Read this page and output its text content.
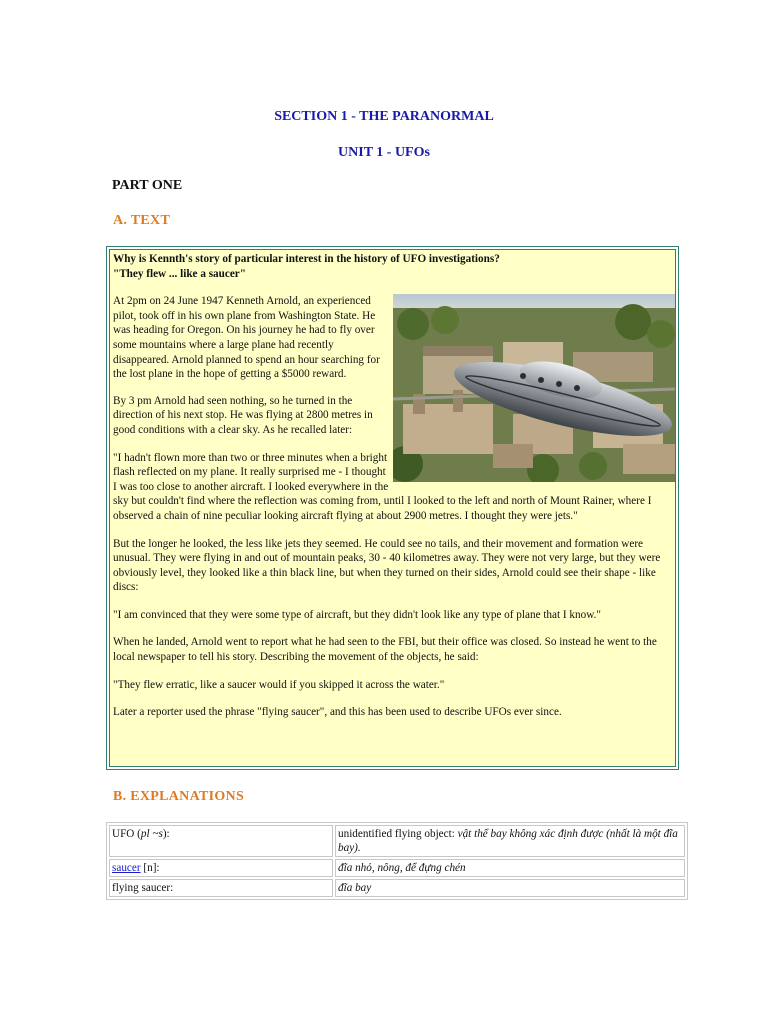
SECTION 1 - THE PARANORMAL
UNIT 1 - UFOs
PART ONE
A. TEXT
Why is Kennth's story of particular interest in the history of UFO investigations?
"They flew ... like a saucer"

At 2pm on 24 June 1947 Kenneth Arnold, an experienced pilot, took off in his own plane from Washington State. He was heading for Oregon. On his journey he had to fly over some mountains where a large plane had recently disappeared. Arnold planned to spend an hour searching for the lost plane in the hope of getting a $5000 reward.

By 3 pm Arnold had seen nothing, so he turned in the direction of his next stop. He was flying at 2800 metres in good conditions with a clear sky. As he recalled later:

"I hadn't flown more than two or three minutes when a bright flash reflected on my plane. It really surprised me - I thought I was too close to another aircraft. I looked everywhere in the sky but couldn't find where the reflection was coming from, until I looked to the left and north of Mount Rainer, where I observed a chain of nine peculiar looking aircraft flying at about 2900 metres. I thought they were jets."

But the longer he looked, the less like jets they seemed. He could see no tails, and their movement and formation were unusual. They were flying in and out of mountain peaks, 30 - 40 kilometres away. They were not very large, but they were obviously level, they looked like a thin black line, but when they turned on their sides, Arnold could see their shape - like discs:

"I am convinced that they were some type of aircraft, but they didn't look like any type of plane that I know."

When he landed, Arnold went to report what he had seen to the FBI, but their office was closed. So instead he went to the local newspaper to tell his story. Describing the movement of the objects, he said:

"They flew erratic, like a saucer would if you skipped it across the water."

Later a reporter used the phrase "flying saucer", and this has been used to describe UFOs ever since.

B. EXPLANATIONS
UFO (pl ~s):	unidentified flying object: vật thể bay không xác định được (nhất là một đĩa bay).
saucer [n]:	đĩa nhỏ, nông, để đựng chén
flying saucer:	đĩa bay
